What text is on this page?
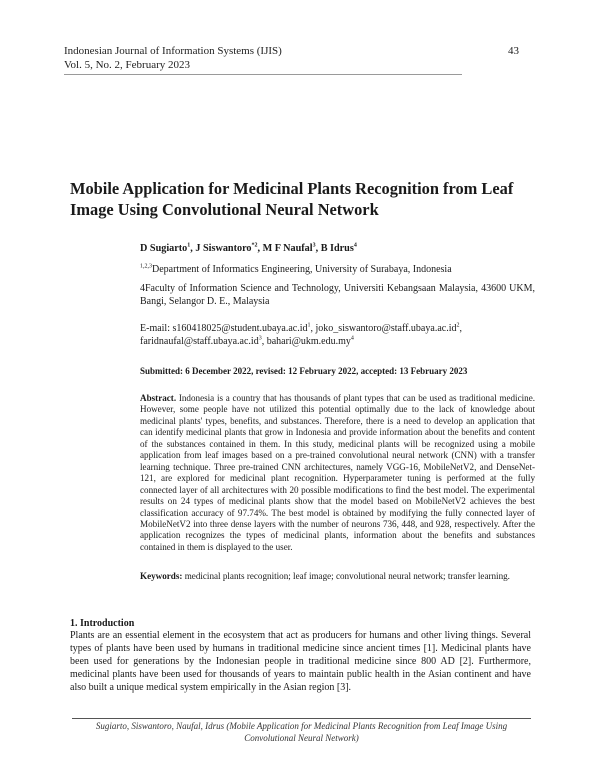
Indonesian Journal of Information Systems (IJIS)
Vol. 5, No. 2, February 2023
43
Mobile Application for Medicinal Plants Recognition from Leaf Image Using Convolutional Neural Network
D Sugiarto$^1$, J Siswantoro$^{*2}$, M F Naufal$^3$, B Idrus$^4$
$^{1,2,3}$Department of Informatics Engineering, University of Surabaya, Indonesia
4Faculty of Information Science and Technology, Universiti Kebangsaan Malaysia, 43600 UKM, Bangi, Selangor D. E., Malaysia
E-mail: $s160418025@student.ubaya.ac.id^1$, $joko\_siswantoro@staff.ubaya.ac.id^2$,
$faridnaufal@staff.ubaya.ac.id^3$, $bahari@ukm.edu.my^4$
Submitted: 6 December 2022, revised: 12 February 2022, accepted: 13 February 2023

Abstract. Indonesia is a country that has thousands of plant types that can be used as traditional medicine. However, some people have not utilized this potential optimally due to the lack of knowledge about medicinal plants' types, benefits, and substances. Therefore, there is a need to develop an application that can identify medicinal plants that grow in Indonesia and provide information about the benefits and content of the substances contained in them. In this study, medicinal plants will be recognized using a mobile application from leaf images based on a pre-trained convolutional neural network (CNN) with a transfer learning technique. Three pre-trained CNN architectures, namely VGG-16, MobileNetV2, and DenseNet-121, are explored for medicinal plant recognition. Hyperparameter tuning is performed at the fully connected layer of all architectures with 20 possible modifications to find the best model. The experimental results on 24 types of medicinal plants show that the model based on MobileNetV2 achieves the best classification accuracy of 97.74%. The best model is obtained by modifying the fully connected layer of MobileNetV2 into three dense layers with the number of neurons 736, 448, and 928, respectively. After the application recognizes the types of medicinal plants, information about the benefits and substances contained in them is displayed to the user.

Keywords: medicinal plants recognition; leaf image; convolutional neural network; transfer learning.

1. Introduction

Plants are an essential element in the ecosystem that act as producers for humans and other living things. Several types of plants have been used by humans in traditional medicine since ancient times [1]. Medicinal plants have been used for generations by the Indonesian people in traditional medicine since 800 AD [2]. Furthermore, medicinal plants have been used for thousands of years to maintain public health in the Asian continent and have also built a unique medical system empirically in the Asian region [3].

Sugiarto, Siswantoro, Naufal, Idrus (Mobile Application for Medicinal Plants Recognition from Leaf Image Using Convolutional Neural Network)
